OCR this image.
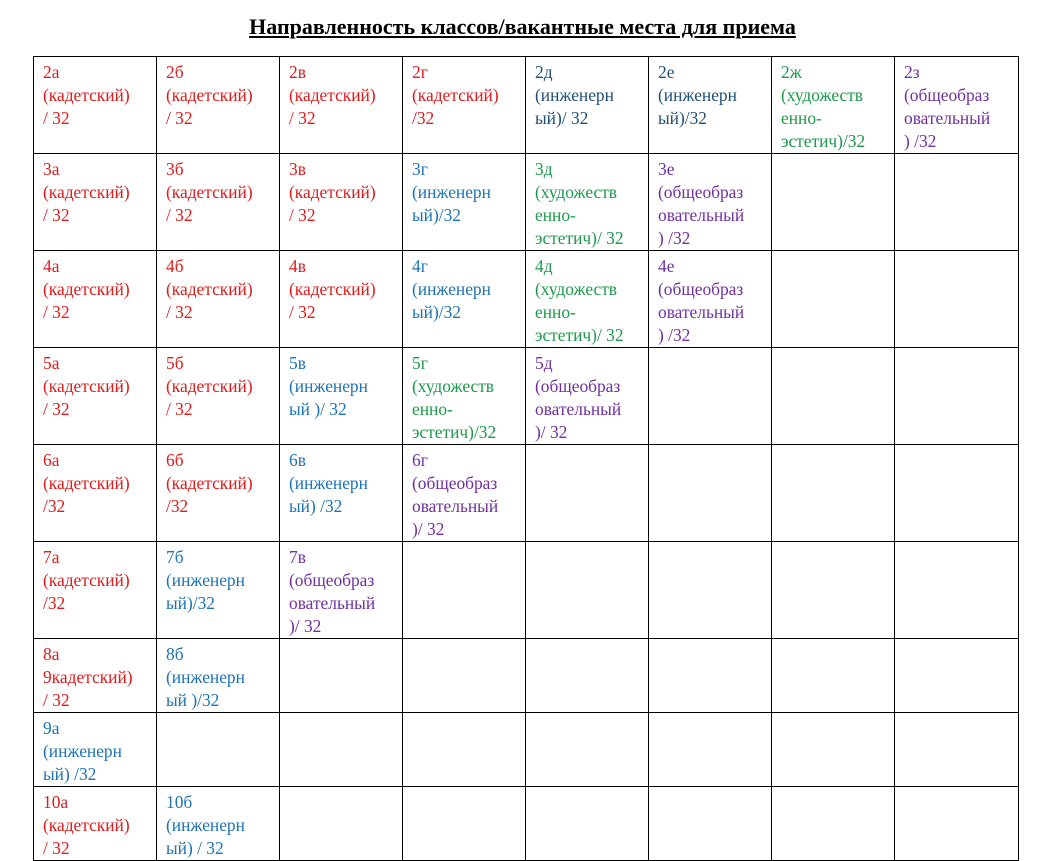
Направленность классов/вакантные места для приема
2а
(кадетский)
/ 32	2б
(кадетский)
/ 32	2в
(кадетский)
/ 32	2г
(кадетский)
/32	2д
(инженерн
ый)/ 32	2е
(инженерн
ый)/32	2ж
(художеств
енно-
эстетич)/32	2з
(общеобраз
овательный
) /32

3а
(кадетский)
/ 32	3б
(кадетский)
/ 32	3в
(кадетский)
/ 32	3г
(инженерн
ый)/32	3д
(художеств
енно-
эстетич)/ 32	3е
(общеобраз
овательный
) /32		

4а
(кадетский)
/ 32	4б
(кадетский)
/ 32	4в
(кадетский)
/ 32	4г
(инженерн
ый)/32	4д
(художеств
енно-
эстетич)/ 32	4е
(общеобраз
овательный
) /32		

5а
(кадетский)
/ 32	5б
(кадетский)
/ 32	5в
(инженерн
ый )/ 32	5г
(художеств
енно-
эстетич)/32	5д
(общеобраз
овательный
)/ 32			

6а
(кадетский)
/32	6б
(кадетский)
/32	6в
(инженерн
ый) /32	6г
(общеобраз
овательный
)/ 32				

7а
(кадетский)
/32	7б
(инженерн
ый)/32	7в
(общеобраз
овательный
)/ 32					

8а
9кадетский)
/ 32	8б
(инженерн
ый )/32						

9а
(инженерн
ый) /32							

10а
(кадетский)
/ 32	10б
(инженерн
ый) / 32						
